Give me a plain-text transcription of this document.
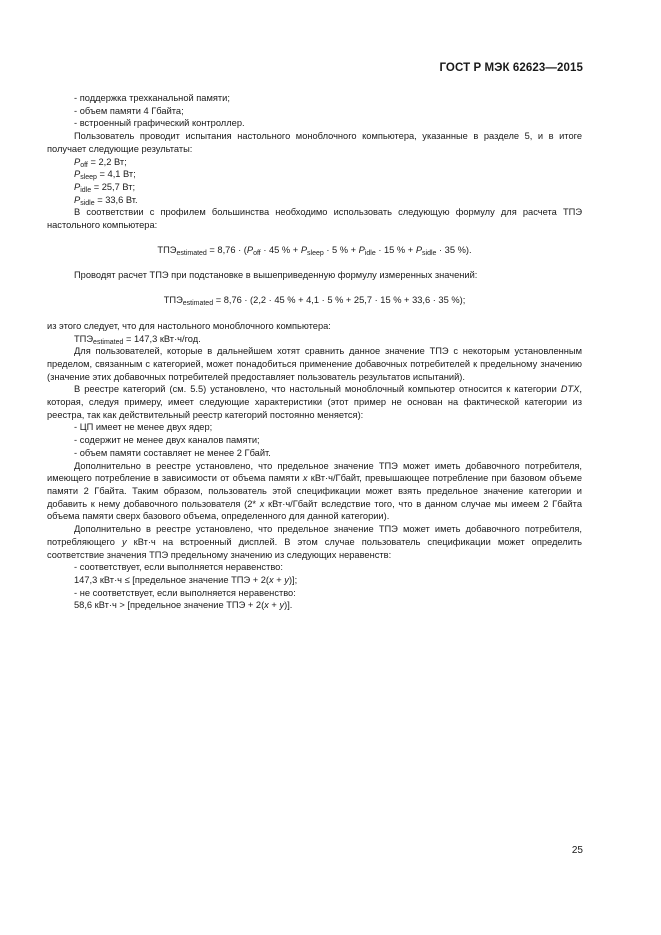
ГОСТ Р МЭК 62623—2015

- поддержка трехканальной памяти;

- объем памяти 4 Гбайта;

- встроенный графический контроллер.

Пользователь проводит испытания настольного моноблочного компьютера, указанные в разделе 5, и в итоге получает следующие результаты:

$P_{off} = 2,2$ Вт;

$P_{sleep} = 4,1$ Вт;

$P_{idle} = 25,7$ Вт;

$P_{sidle} = 33,6$ Вт.

В соответствии с профилем большинства необходимо использовать следующую формулу для расчета ТПЭ настольного компьютера:

$ТПЭ_{estimated} = 8,76 \cdot (P_{off} \cdot 45$ % + $P_{sleep} \cdot 5$ % + $P_{idle} \cdot 15$ % + $P_{sidle} \cdot 35$ %).

Проводят расчет ТПЭ при подстановке в вышеприведенную формулу измеренных значений:

$ТПЭ_{estimated} = 8,76 \cdot (2,2 \cdot 45$ % + 4,1 · 5 % + 25,7 · 15 % + 33,6 · 35 %);

из этого следует, что для настольного моноблочного компьютера:

$ТПЭ_{estimated} = 147,3$ кВт·ч/год.

Для пользователей, которые в дальнейшем хотят сравнить данное значение ТПЭ с некоторым установленным пределом, связанным с категорией, может понадобиться применение добавочных потребителей к предельному значению (значение этих добавочных потребителей предоставляет пользователь результатов испытаний).

В реестре категорий (см. 5.5) установлено, что настольный моноблочный компьютер относится к категории DTX, которая, следуя примеру, имеет следующие характеристики (этот пример не основан на фактической категории из реестра, так как действительный реестр категорий постоянно меняется):

- ЦП имеет не менее двух ядер;

- содержит не менее двух каналов памяти;

- объем памяти составляет не менее 2 Гбайт.

Дополнительно в реестре установлено, что предельное значение ТПЭ может иметь добавочного потребителя, имеющего потребление в зависимости от объема памяти x кВт·ч/Гбайт, превышающее потребление при базовом объеме памяти 2 Гбайта. Таким образом, пользователь этой спецификации может взять предельное значение категории и добавить к нему добавочного пользователя (2* x кВт·ч/Гбайт вследствие того, что в данном случае мы имеем 2 Гбайта объема памяти сверх базового объема, определенного для данной категории).

Дополнительно в реестре установлено, что предельное значение ТПЭ может иметь добавочного потребителя, потребляющего y кВт·ч на встроенный дисплей. В этом случае пользователь спецификации может определить соответствие значения ТПЭ предельному значению из следующих неравенств:

- соответствует, если выполняется неравенство:

147,3 кВт·ч ≤ [предельное значение ТПЭ + 2(x + y)];

- не соответствует, если выполняется неравенство:

58,6 кВт·ч > [предельное значение ТПЭ + 2(x + y)].

25
